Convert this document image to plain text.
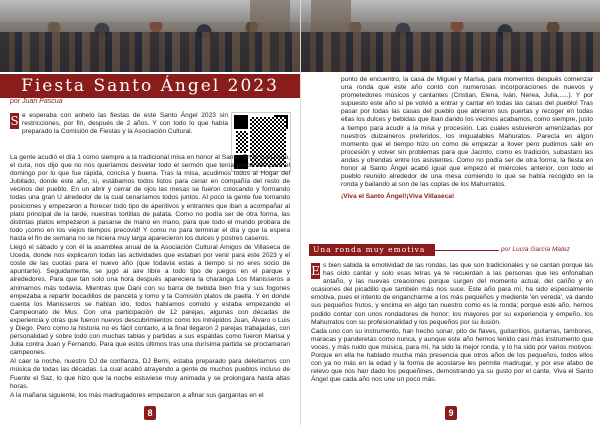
Fiesta Santo Ángel 2023
por Juan Pascua

S e esperaba con anhelo las fiestas de este Santo Ángel 2023 sin restricciones, por fin, después de 2 años. Y con todo lo que había preparado la Comisión de Fiestas y la Asociación Cultural.

La gente acudió el día 1 como siempre a la tradicional misa en honor al Santo. En la cual leído, el cura, nos dijo que no nos queríamos desvelar todo el sermón que tenía preparado para el domingo por lo que fue rápida, concisa y buena. Tras la misa, acudimos todos al Hogar del Jubilado, donde este año, sí, estábamos todos listos para cenar en compañía del resto de vecinos del pueblo. En un abrir y cerrar de ojos las mesas se fueron colocando y formando todas una gran U alrededor de la cual cenaríamos todos juntos. Al poco la gente fue tomando posiciones y empezaron a florecer todo tipo de aperitivos y entrantes que iban a acompañar al plato principal de la tarde, nuestras tortillas de patata. Como no podía ser de otra forma, las distintas platos empezaron a pasarse de mano en mano, para que todo el mundo probara de todo ¡como en los viejos tiempos precovid! Y como no para terminar el día y que la espera hasta el fin de semana no se hiciera muy larga aparecieron los dulces y postres caseros.

Llegó el sábado y con él la asamblea anual de la Asociación Cultural Amigos de Villaseca de Uceda, donde nos explicaron todas las actividades que estaban por venir para este 2023 y el coste de las cuotas para el nuevo año (que todavía estas a tiempo si no eres socio de apuntarte). Seguidamente, se jugó al aire libre a todo tipo de juegos en el parque y alrededores. Para que tan solo una hora después apareciera la charanga Los Manisseros a animarnos más todavía. Mientras que Dani con su barra de bebida bien fría y sus fogones empezaba a repartir bocadillos de panceta y lomo y la Comisión platos de paella. Y en donde cuenta los Manisseros se habían ido, todos habíamos comido y estaba empezando el Campeonato de Mus. Con una participación de 12 parejas, algunas con décadas de experiencia y otras que fueron nuevos descubrimientos como los intrépidos Juan, Álvaro o Luis y Diego. Pero como la historia no es fácil contarlo, a la final llegaron 2 parejas trabajadas, con personalidad y sobre todo con muchas tablas y partidas a sus espaldas como fueron Marisa y Julia contra Juan y Fernando. Para que estos últimos tras una durísima partida se proclamaran campeones.

Al caer la noche, nuestro DJ de confianza, DJ Berni, estaba preparado para deleitarnos con música de todas las décadas. La cual acabó atrayendo a gente de muchos pueblos incluso de Fuente el Saz, lo que hizo que la noche estuviese muy animada y se prolongara hasta altas horas.

A la mañana siguiente, los más madrugadores empezaron a afinar sus gargantas en el

8

punto de encuentro, la casa de Miguel y Marisa, para momentos después comenzar una ronda que este año contó con numerosas incorporaciones de nuevos y prometedores músicos y cantantes (Cristian, Elena, Iván, Nerea, Julia,.....). Y por supuesto este año sí pe volvió a entrar y cantar en todas las casas del pueblo! Tras pasar por todas las casas del pueblo que abrieron sus puertas y recoger en todas ellas los dulces y bebidas que iban dando los vecinos acabamos, como siempre, justo a tiempo para acudir a la misa y procesión. Las cuales estuvieron amenizadas por nuestros dulzaineros preferidos, los inigualables Mahuratos. Parecía en algún momento que el tiempo hizo un como de empezar a llover pero pudimos salir en procesión y volver sin problemas para que Jacinto, como es tradición, subastaro las andas y ofrendas entre los asistentes. Como no podía ser de otra forma, la fiesta en honor al Santo Ángel acabó igual que empezó el miércoles anterior, con todo el pueblo reunido alrededor de una mesa comiendo lo que se había recogido en la ronda y bailando al son de las coplas de los Mahurratos.

¡Viva el Santo Ángel!¡Viva Villaseca!

Una ronda muy emotiva	por Lucía García Matez

E s bien sabida la emotividad de las rondas, las que son tradicionales y se cantan porque las has oído cantar y solo esas letras ya te recuerdan a las personas que les enfonaban antaño, y las nuevas creaciones porque surgen del momento actual, del cariño y en ocasiones del picadillo que también más nos suce. Este año para mí, ha sido especialmente emotiva, pues el intento de engancharme a los más pequeños y mediente 'en vereda', va dando sus pequeños frutos, y encima en algo tan nuestro como es la ronda; porque este año, hemos podido contar con unos rondadores de honor; los mayores por su experiencia y empeño, los Mahurratos con su profesionalidad y los pequeños por su ilusión.

Cada uno con su instrumento, han hecho sonar, pito de flaves, guitarrillos, guitarras, tambores, maracas y panderetas como nunca, y aunque este año hemos tenido casi más instrumento que voces, y más ruido que música, para mí, ha sido la mejor ronda, y lo ha sido por varios motivos: Porque en ella he hablado mucha más presencia que otros años de los pequeños, todos ellos con ya no más en la edad y la forma de acostarse les permite madrugar, y por ese afabo de relevo que nos han dado los pequeñines, demostrando ya su gusto por el cante. Viva el Santo Ángel que cada año nos une un poco más.

9
